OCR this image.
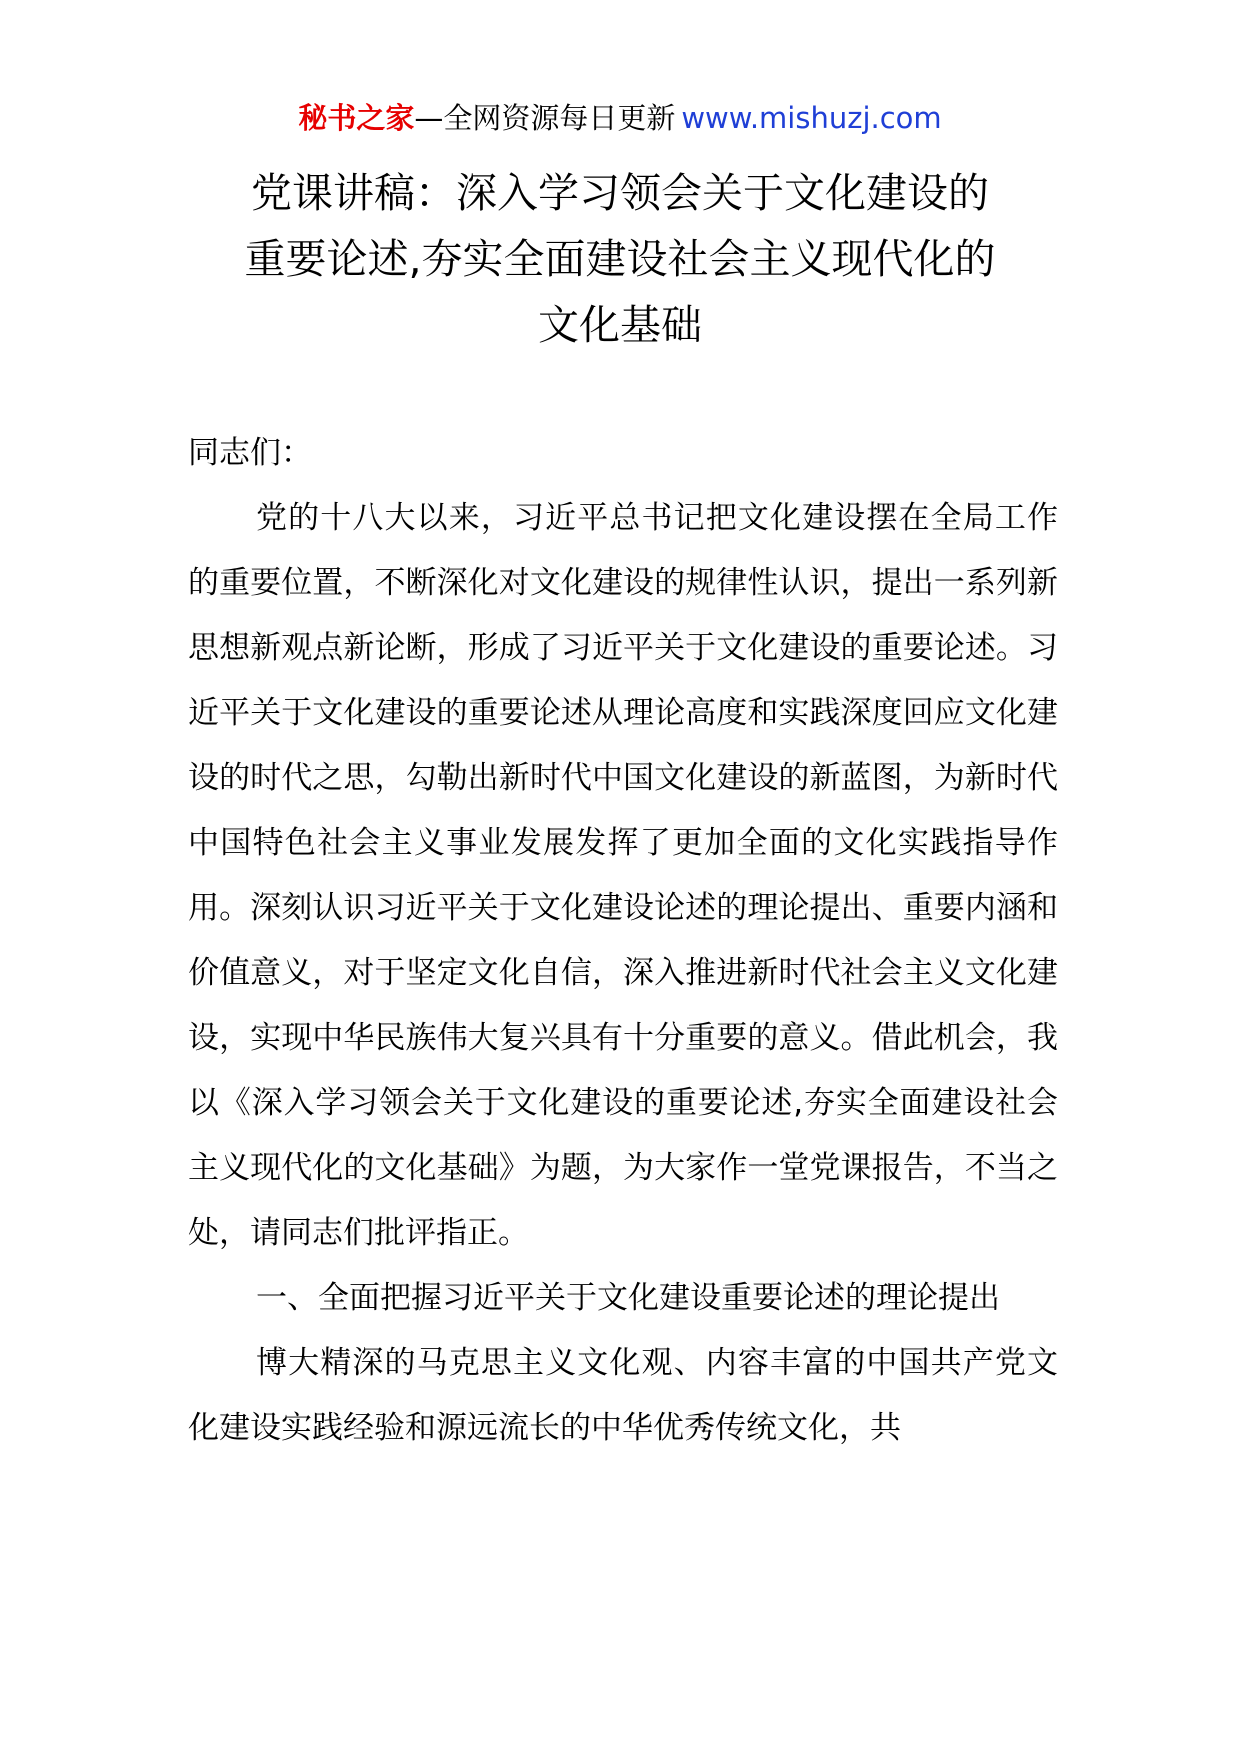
秘书之家—全网资源每日更新 www.mishuzj.com
党课讲稿：深入学习领会关于文化建设的
重要论述,夯实全面建设社会主义现代化的
文化基础

同志们：

党的十八大以来，习近平总书记把文化建设摆在全局工作的重要位置，不断深化对文化建设的规律性认识，提出一系列新思想新观点新论断，形成了习近平关于文化建设的重要论述。习近平关于文化建设的重要论述从理论高度和实践深度回应文化建设的时代之思，勾勒出新时代中国文化建设的新蓝图，为新时代中国特色社会主义事业发展发挥了更加全面的文化实践指导作用。深刻认识习近平关于文化建设论述的理论提出、重要内涵和价值意义，对于坚定文化自信，深入推进新时代社会主义文化建设，实现中华民族伟大复兴具有十分重要的意义。借此机会，我以《深入学习领会关于文化建设的重要论述,夯实全面建设社会主义现代化的文化基础》为题，为大家作一堂党课报告，不当之处，请同志们批评指正。

一、全面把握习近平关于文化建设重要论述的理论提出

博大精深的马克思主义文化观、内容丰富的中国共产党文化建设实践经验和源远流长的中华优秀传统文化，共
